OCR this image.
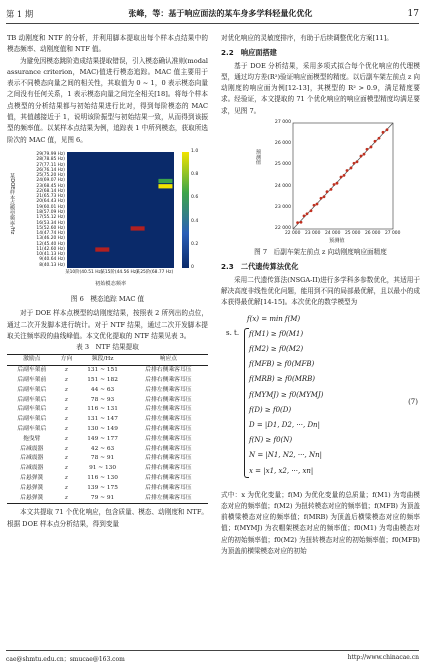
第 1 期	张峰，等：基于响应面法的某车身多学科轻量化优化	17

TB 动刚度和 NTF 的分析，并利用脚本提取出每个样本点结果中的模态频率、动刚度值和 NTF 值。

为避免因模态跳阶造成结果提取错误，引入模态确认准则(modal assurance criterion，MAC)值进行模态追踪。MAC 值主要用于表示不同模态向量之间的相关性，其取值为 0 ~ 1，0 表示模态向量之间没有任何关系，1 表示模态向量之间完全相关[18]。将每个样本点模型的分析结果都与初始结果进行比对，得到每阶模态的 MAC 值，其值越接近于 1，说明该阶振型与初始结果一致，从而得到该振型的频率值。以某样本点结果为例，追踪表 1 中所列模态，获取所选阶次的 MAC 值，见图 6。

29(79.99 Hz)
28(78.85 Hz)
27(77.11 Hz)
26(76.14 Hz)
25(75.20 Hz)
24(69.07 Hz)
23(68.45 Hz)
22(68.14 Hz)
21(65.73 Hz)
20(64.43 Hz)
19(60.01 Hz)
18(57.09 Hz)
17(55.12 Hz)
16(53.34 Hz)
15(52.60 Hz)
14(47.74 Hz)
13(46.20 Hz)
12(45.40 Hz)
11(42.60 Hz)
10(41.13 Hz)
9(40.64 Hz)
8(40.13 Hz)
某10阶(40.51 Hz)
某15阶(44.56 Hz)
某25阶(68.77 Hz)
1.0
0.8
0.6
0.4
0.2
0
某DOE样本点模型频率/Hz
初始模态频率

图 6　模态追踪 MAC 值

对于 DOE 样本点模型的动刚度结果，按照表 2 所列出的点位，通过二次开发脚本进行统计。对于 NTF 结果，通过二次开发脚本提取关注频率段的曲线峰值。本文优化提取的 NTF 结果见表 3。

表 3　NTF 结果提取

激励点	方向	频段/Hz	响应点
后副车架前	z	131 ~ 151	后排右侧乘客耳压
后副车架前	z	151 ~ 182	后排右侧乘客耳压
后副车架后	z	44 ~ 63	后排左侧乘客耳压
后副车架后	z	78 ~ 93	后排右侧乘客耳压
后副车架后	z	116 ~ 131	后排左侧乘客耳压
后副车架后	z	131 ~ 147	后排左侧乘客耳压
后副车架后	z	130 ~ 149	后排右侧乘客耳压
拖曳臂	z	149 ~ 177	后排左侧乘客耳压
后减震器	z	42 ~ 63	后排右侧乘客耳压
后减震器	z	78 ~ 91	后排右侧乘客耳压
后减震器	z	91 ~ 130	后排右侧乘客耳压
后悬弹簧	z	116 ~ 130	后排右侧乘客耳压
后悬弹簧	z	139 ~ 175	后排右侧乘客耳压
后悬弹簧	z	79 ~ 91	后排左侧乘客耳压

本文共提取 71 个优化响应，包含质量、模态、动刚度和 NTF。根据 DOE 样本点分析结果，得到变量

对优化响应的灵敏度排序，有助于后续调整优化方案[11]。

2.2　响应面搭建

基于 DOE 分析结果，采用多项式拟合每个优化响应的代理模型，通过均方差(R²)验证响应面模型的精度。以后副车架左前点 z 向动刚度的响应面为例[12-13]，其模型的 R² > 0.9，满足精度要求。经验证，本文提取的 71 个优化响应的响应面模型精度均满足要求，见图 7。

27 000
26 000
25 000
24 000
23 000
22 000
22 000 23 000 24 000 25 000 26 000 27 000
预测值
预测值

图 7　后副车架左前点 z 向动刚度响应面精度

2.3　二代遗传算法优化

采用二代遗传算法(NSGA-II)进行多学科多参数优化，其适用于解决高度非线性优化问题，能用到不同的局部最优解，且以最小的成本获得最优解[14-15]。本次优化的数学模型为

s. t.
f(x) = min f(M)
f(M1) ≥ f0(M1)
f(M2) ≥ f0(M2)
f(MFB) ≥ f0(MFB)
f(MRB) ≥ f0(MRB)
f(MYMJ) ≥ f0(MYMJ)
f(D) ≥ f0(D)
D = |D1, D2, ···, Dn|
f(N) ≥ f0(N)
N = |N1, N2, ···, Nn|
x = |x1, x2, ···, xn|
(7)

式中：x 为优化变量；f(M) 为优化变量的总质量；f(M1) 为弯曲模态对应的频率值；f(M2) 为扭转模态对应的频率值；f(MFB) 为顶盖前横梁模态对应的频率值；f(MRB) 为顶盖后横梁模态对应的频率值；f(MYMJ) 为衣帽架模态对应的频率值；f0(M1) 为弯曲模态对应的初始频率值；f0(M2) 为扭转模态对应的初始频率值；f0(MFB) 为顶盖前横梁模态对应的初始

cae@shmtu.edu.cn；smucae@163.com	http://www.chinacae.cn
